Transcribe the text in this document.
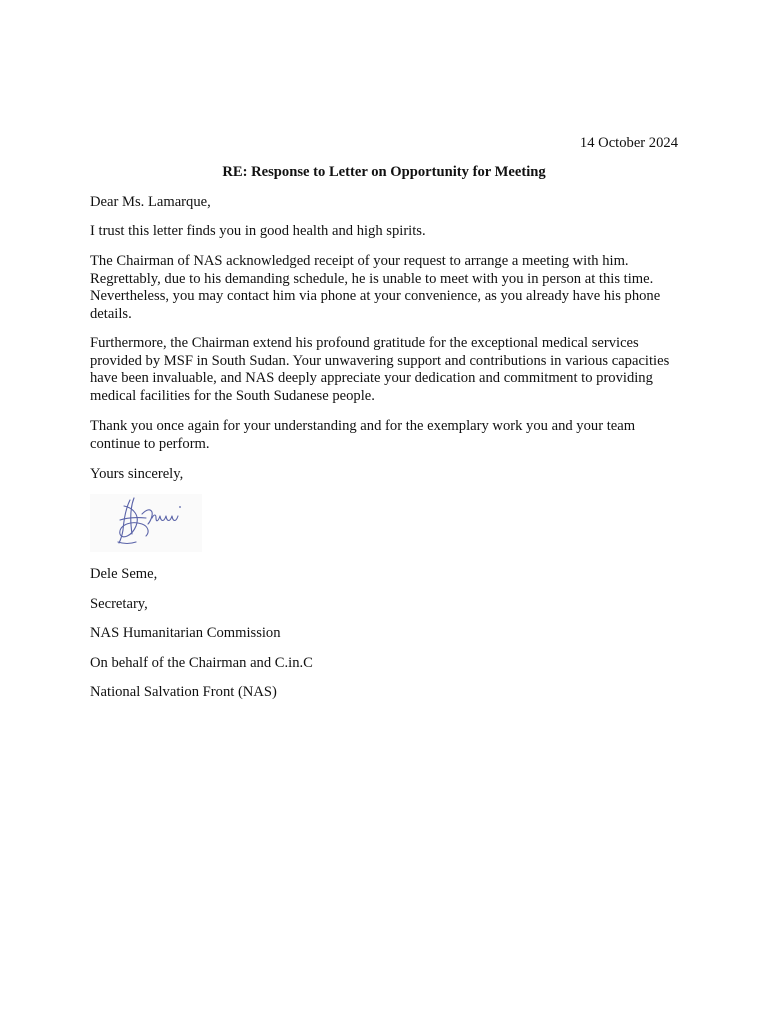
14 October 2024

RE: Response to Letter on Opportunity for Meeting

Dear Ms. Lamarque,

I trust this letter finds you in good health and high spirits.

The Chairman of NAS acknowledged receipt of your request to arrange a meeting with him. Regrettably, due to his demanding schedule, he is unable to meet with you in person at this time. Nevertheless, you may contact him via phone at your convenience, as you already have his phone details.

Furthermore, the Chairman extend his profound gratitude for the exceptional medical services provided by MSF in South Sudan. Your unwavering support and contributions in various capacities have been invaluable, and NAS deeply appreciate your dedication and commitment to providing medical facilities for the South Sudanese people.

Thank you once again for your understanding and for the exemplary work you and your team continue to perform.

Yours sincerely,

Dele Seme,

Secretary,

NAS Humanitarian Commission

On behalf of the Chairman and C.in.C

National Salvation Front (NAS)
